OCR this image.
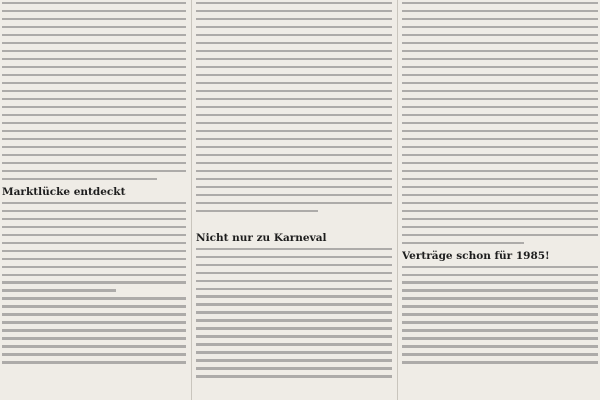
Marktlücke entdeckt
Nicht nur zu Karneval
Verträge schon für 1985!
